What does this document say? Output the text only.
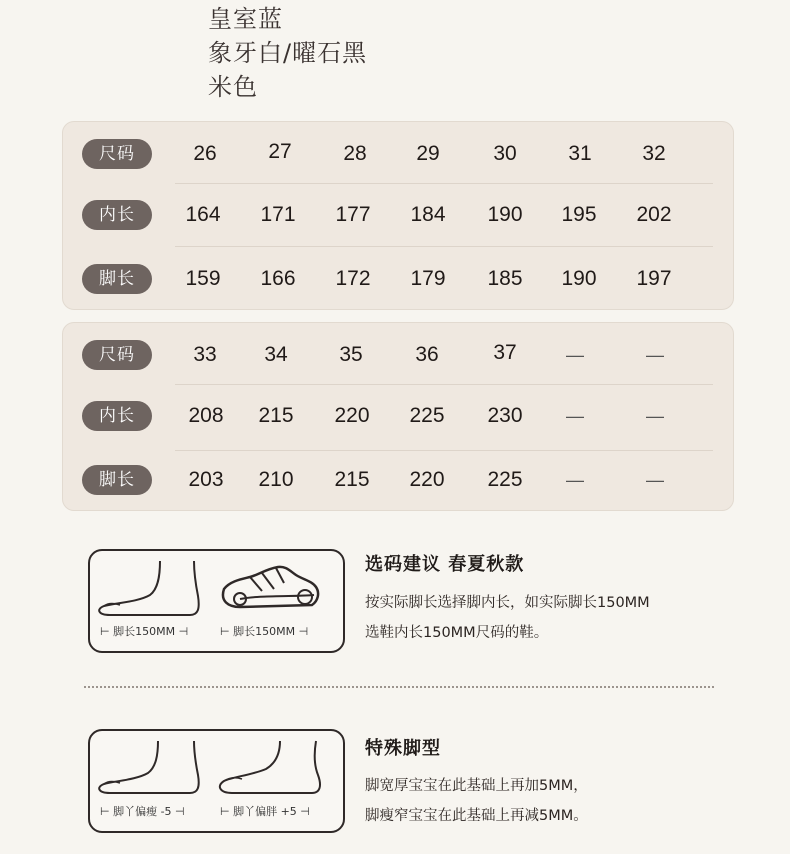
皇室蓝
象牙白/曜石黑
米色
尺码	26	27	28	29	30	31	32
内长	164	171	177	184	190	195	202
脚长	159	166	172	179	185	190	197
尺码	33	34	35	36	37	—	—
内长	208	215	220	225	230	—	—
脚长	203	210	215	220	225	—	—
⊢ 脚长150MM ⊣	⊢ 脚长150MM ⊣
选码建议 春夏秋款
按实际脚长选择脚内长，如实际脚长150MM
选鞋内长150MM尺码的鞋。
⊢ 脚丫偏瘦 -5 ⊣	⊢ 脚丫偏胖 +5 ⊣
特殊脚型
脚宽厚宝宝在此基础上再加5MM，
脚瘦窄宝宝在此基础上再减5MM。
